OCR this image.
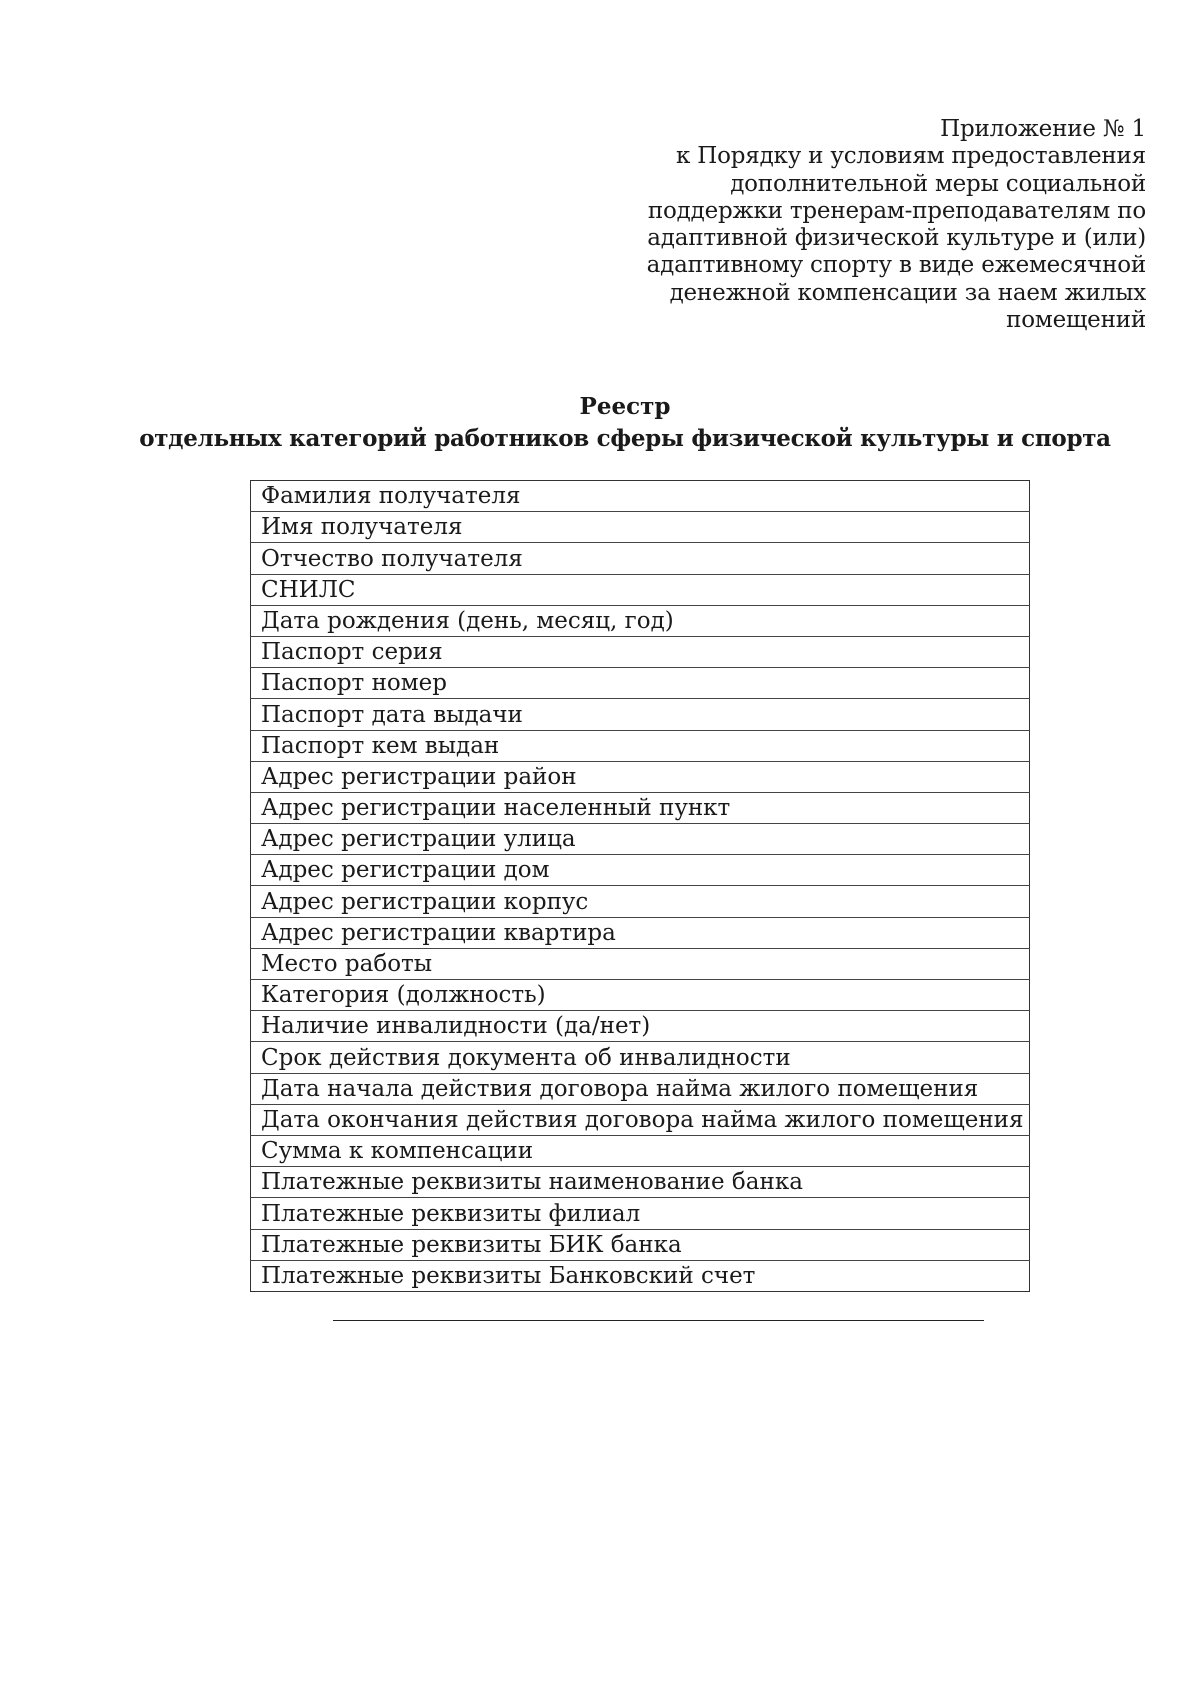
Приложение № 1
к Порядку и условиям предоставления
дополнительной меры социальной
поддержки тренерам-преподавателям по
адаптивной физической культуре и (или)
адаптивному спорту в виде ежемесячной
денежной компенсации за наем жилых
помещений
Реестр
отдельных категорий работников сферы физической культуры и спорта
Фамилия получателя
Имя получателя
Отчество получателя
СНИЛС
Дата рождения (день, месяц, год)
Паспорт серия
Паспорт номер
Паспорт дата выдачи
Паспорт кем выдан
Адрес регистрации район
Адрес регистрации населенный пункт
Адрес регистрации улица
Адрес регистрации дом
Адрес регистрации корпус
Адрес регистрации квартира
Место работы
Категория (должность)
Наличие инвалидности (да/нет)
Срок действия документа об инвалидности
Дата начала действия договора найма жилого помещения
Дата окончания действия договора найма жилого помещения
Сумма к компенсации
Платежные реквизиты наименование банка
Платежные реквизиты филиал
Платежные реквизиты БИК банка
Платежные реквизиты Банковский счет
